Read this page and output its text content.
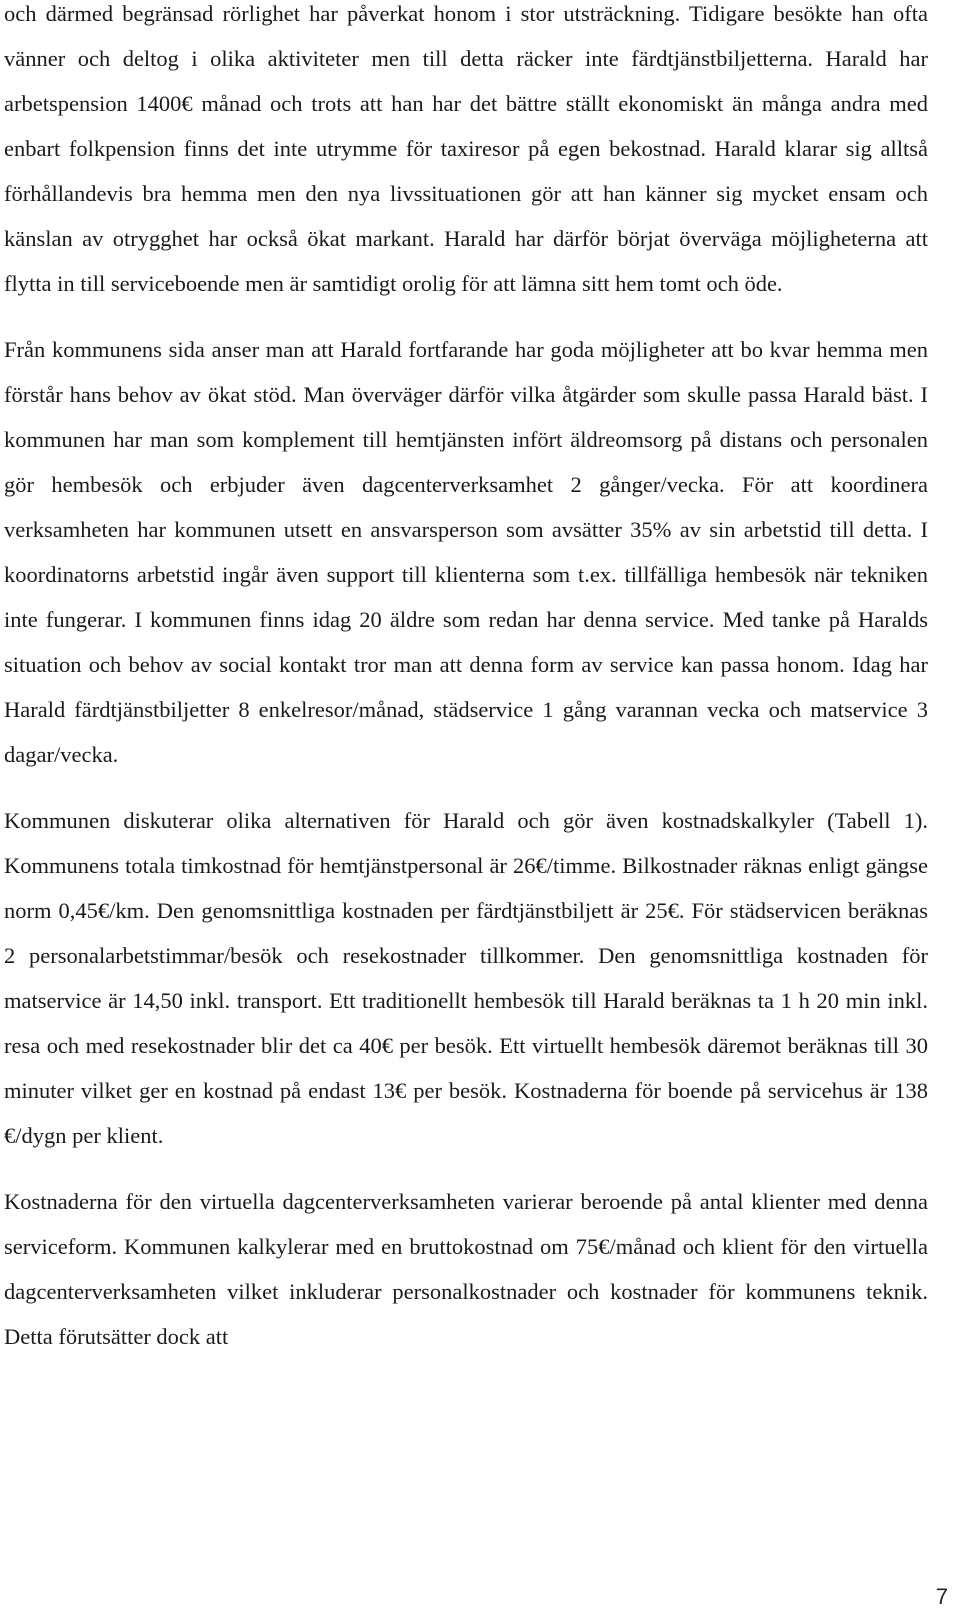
och därmed begränsad rörlighet har påverkat honom i stor utsträckning. Tidigare besökte han ofta vänner och deltog i olika aktiviteter men till detta räcker inte färdtjänstbiljetterna. Harald har arbetspension 1400€ månad och trots att han har det bättre ställt ekonomiskt än många andra med enbart folkpension finns det inte utrymme för taxiresor på egen bekostnad. Harald klarar sig alltså förhållandevis bra hemma men den nya livssituationen gör att han känner sig mycket ensam och känslan av otrygghet har också ökat markant. Harald har därför börjat överväga möjligheterna att flytta in till serviceboende men är samtidigt orolig för att lämna sitt hem tomt och öde.

Från kommunens sida anser man att Harald fortfarande har goda möjligheter att bo kvar hemma men förstår hans behov av ökat stöd. Man överväger därför vilka åtgärder som skulle passa Harald bäst. I kommunen har man som komplement till hemtjänsten infört äldreomsorg på distans och personalen gör hembesök och erbjuder även dagcenterverksamhet 2 gånger/vecka. För att koordinera verksamheten har kommunen utsett en ansvarsperson som avsätter 35% av sin arbetstid till detta. I koordinatorns arbetstid ingår även support till klienterna som t.ex. tillfälliga hembesök när tekniken inte fungerar. I kommunen finns idag 20 äldre som redan har denna service. Med tanke på Haralds situation och behov av social kontakt tror man att denna form av service kan passa honom. Idag har Harald färdtjänstbiljetter 8 enkelresor/månad, städservice 1 gång varannan vecka och matservice 3 dagar/vecka.

Kommunen diskuterar olika alternativen för Harald och gör även kostnadskalkyler (Tabell 1). Kommunens totala timkostnad för hemtjänstpersonal är 26€/timme. Bilkostnader räknas enligt gängse norm 0,45€/km. Den genomsnittliga kostnaden per färdtjänstbiljett är 25€. För städservicen beräknas 2 personalarbetstimmar/besök och resekostnader tillkommer. Den genomsnittliga kostnaden för matservice är 14,50 inkl. transport. Ett traditionellt hembesök till Harald beräknas ta 1 h 20 min inkl. resa och med resekostnader blir det ca 40€ per besök. Ett virtuellt hembesök däremot beräknas till 30 minuter vilket ger en kostnad på endast 13€ per besök. Kostnaderna för boende på servicehus är 138 €/dygn per klient.

Kostnaderna för den virtuella dagcenterverksamheten varierar beroende på antal klienter med denna serviceform. Kommunen kalkylerar med en bruttokostnad om 75€/månad och klient för den virtuella dagcenterverksamheten vilket inkluderar personalkostnader och kostnader för kommunens teknik. Detta förutsätter dock att

7
